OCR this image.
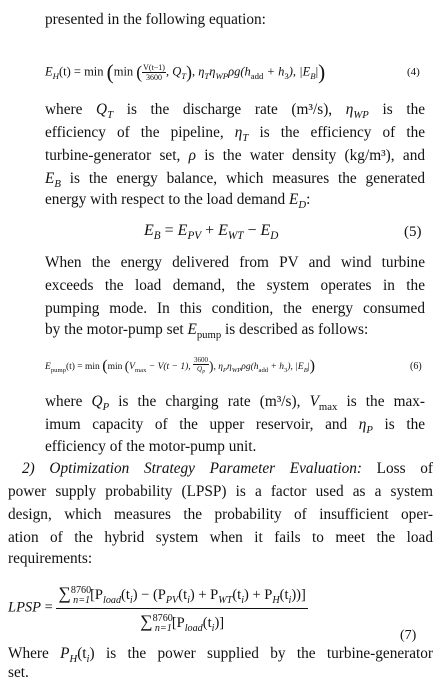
presented in the following equation:

$E_H(t) = \min (\min$ ( $\frac{V(t-1)}{3600}$ , $Q_T$), $\eta_T\eta_{WP}\rho g(h_{add} + h_3)$, $|E_B|$)	(4)
where $Q_T$ is the discharge rate (m³/s), $\eta_{WP}$ is the
efficiency of the pipeline, $\eta_T$ is the efficiency of the
turbine-generator set, ρ is the water density (kg/m³), and
$E_B$ is the energy balance, which measures the generated
energy with respect to the load demand $E_D$:
$E_B = E_{PV} + E_{WT} - E_D$	(5)
When the energy delivered from PV and wind turbine
exceeds the load demand, the system operates in the
pumping mode. In this condition, the energy consumed
by the motor-pump set $E_{pump}$ is described as follows:
$E_{pump}(t) = \min (\min$ ($V_{max} - V(t - 1)$, $\frac{3600}{Q_P}$ ), $\eta_P\eta_{WP}\rho g(h_{add} + h_3)$, $|E_B|$)	(6)
where $Q_P$ is the charging rate (m³/s), $V_{max}$ is the max-
imum capacity of the upper reservoir, and $\eta_P$ is the
efficiency of the motor-pump unit.
2) Optimization Strategy Parameter Evaluation: Loss of
power supply probability (LPSP) is a factor used as a system
design, which measures the probability of insufficient oper-
ation of the hybrid system when it fails to meet the load
requirements:
LPSP = $\frac{\sum^{8760}_{n=1}[P_{load}(t_i) - (P_{PV}(t_i) + P_{WT}(t_i) + P_H(t_i))]}{\sum^{8760}_{n=1}[P_{load}(t_i)]}$
(7)
Where $P_H(t_i)$ is the power supplied by the turbine-generator
set.
